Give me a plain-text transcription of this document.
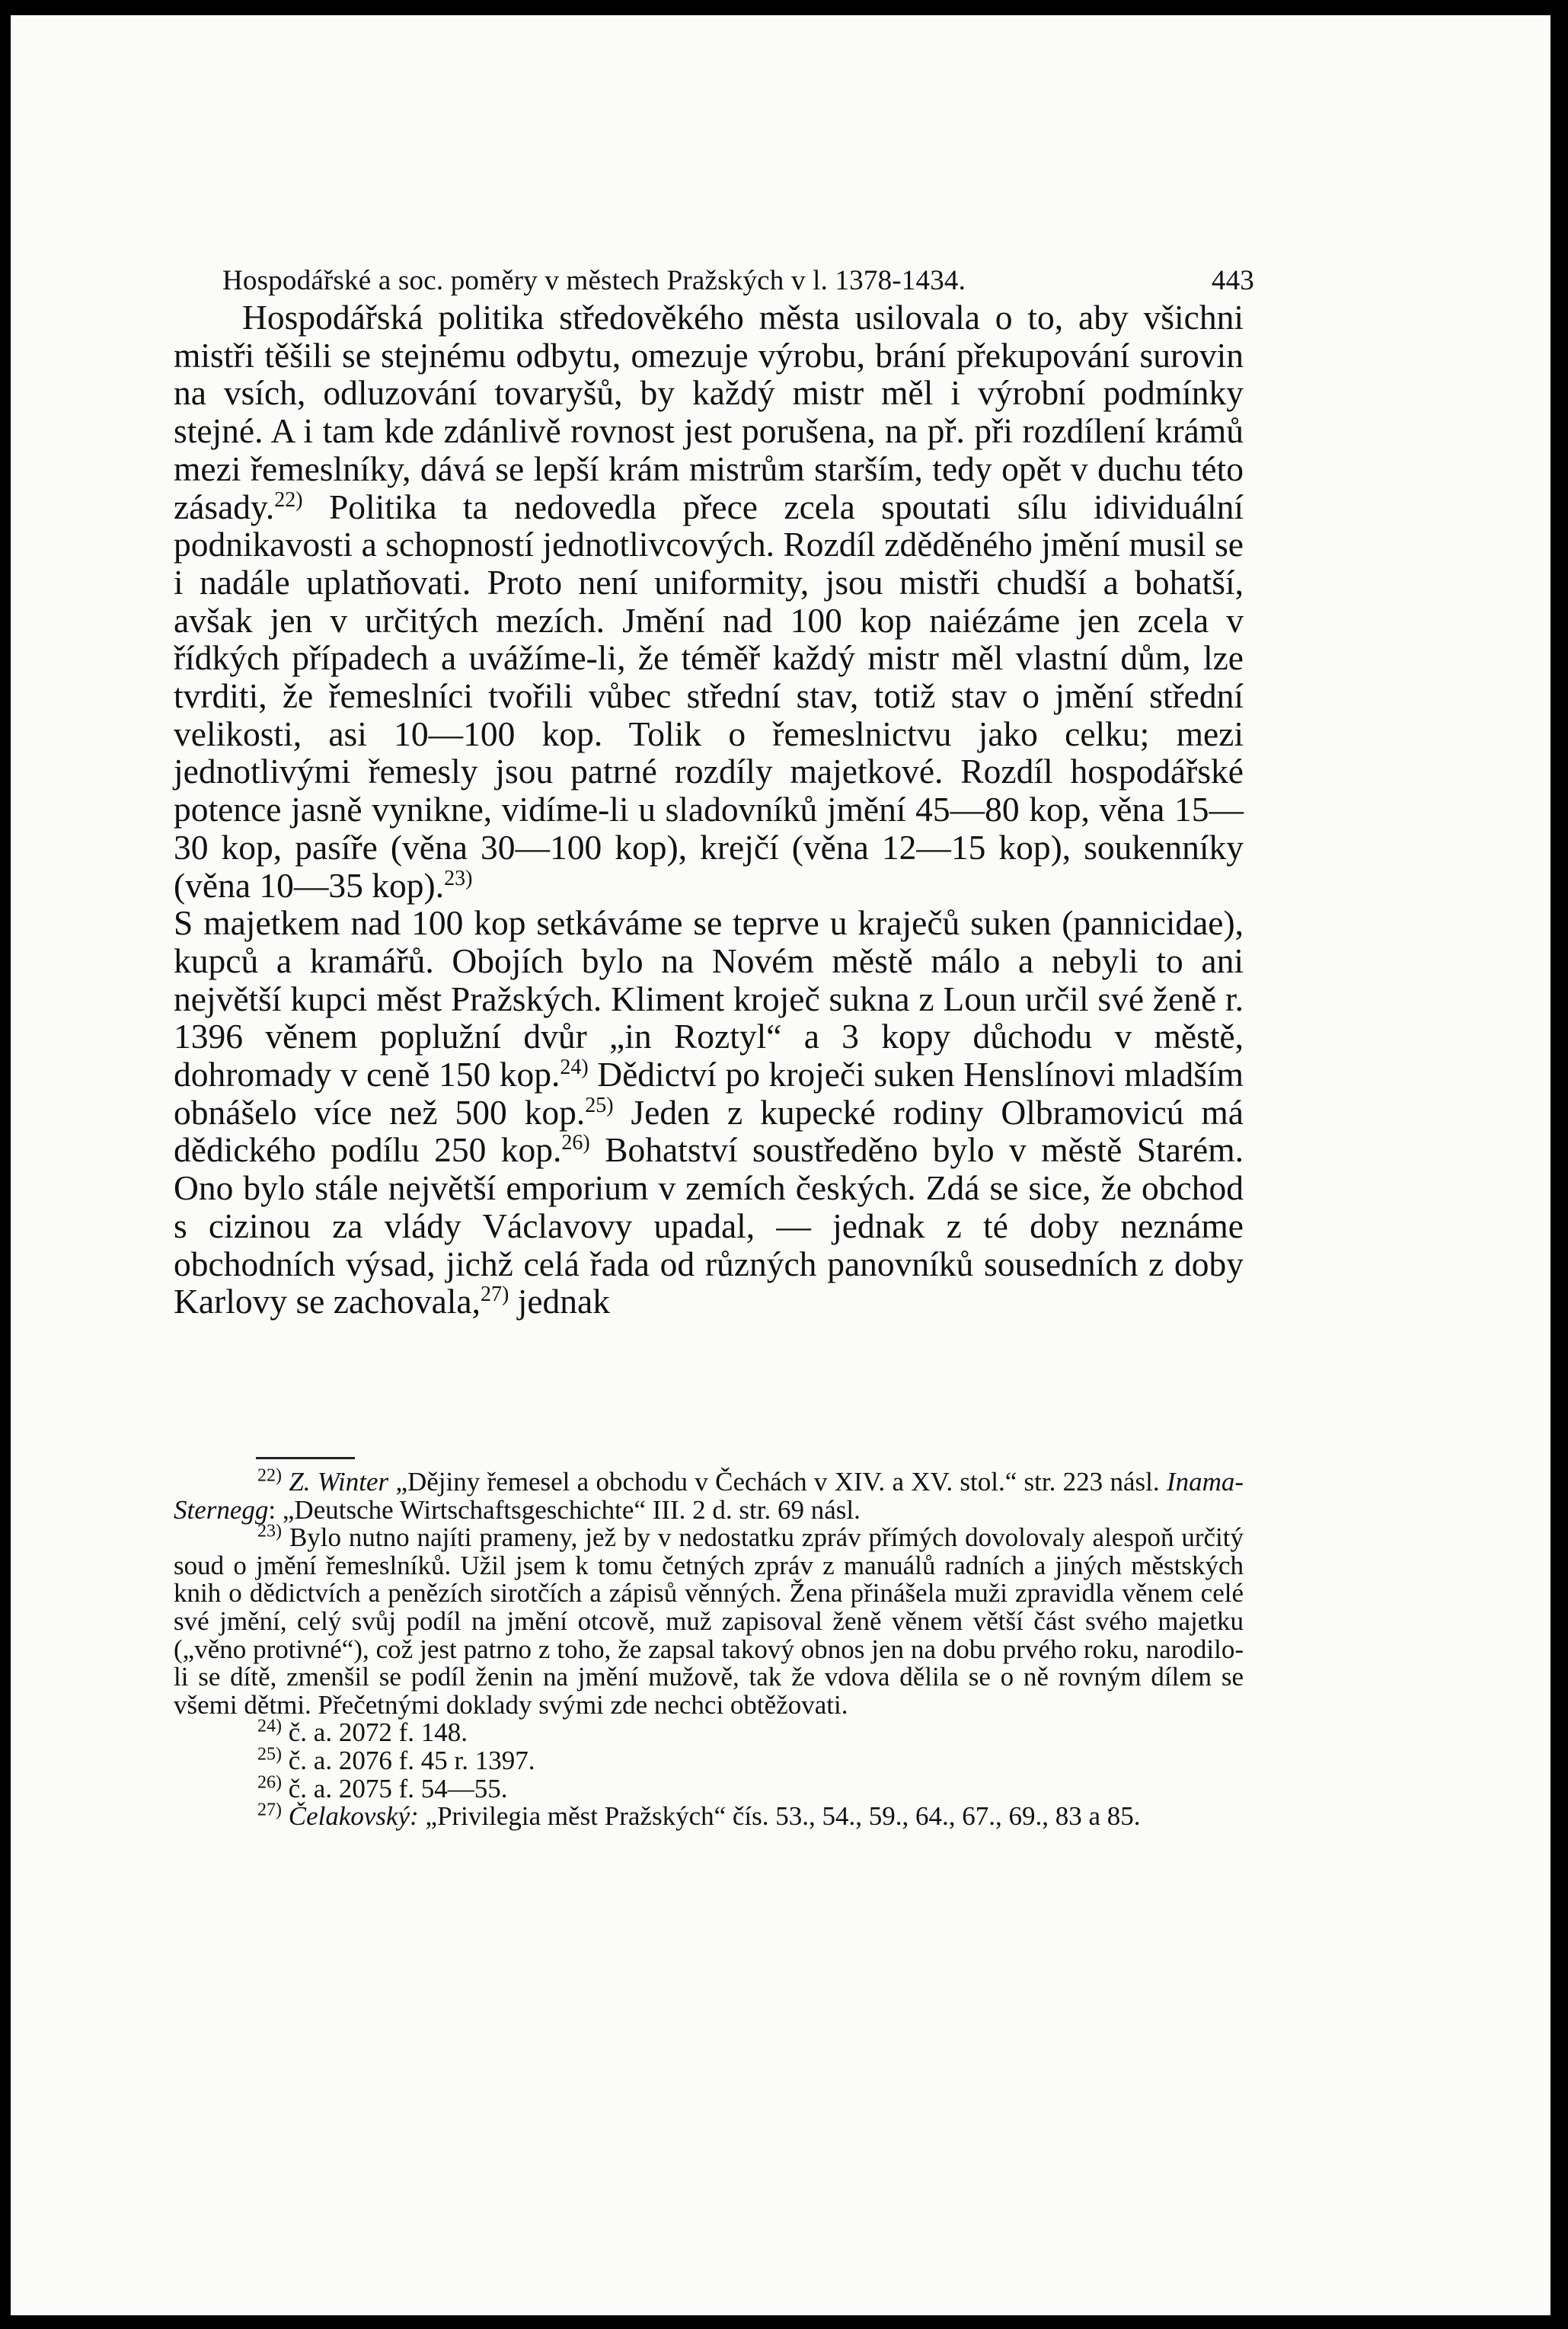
Hospodářské a soc. poměry v městech Pražských v l. 1378-1434.	443

Hospodářská politika středověkého města usilovala o to, aby všichni mistři těšili se stejnému odbytu, omezuje výrobu, brání překupování surovin na vsích, odluzování tovaryšů, by každý mistr měl i výrobní podmínky stejné. A i tam kde zdánlivě rovnost jest porušena, na př. při rozdílení krámů mezi řemeslníky, dává se lepší krám mistrům starším, tedy opět v duchu této zásady.$^{22)}$ Politika ta nedovedla přece zcela spoutati sílu idividuální podnikavosti a schopností jednotlivcových. Rozdíl zděděného jmění musil se i nadále uplatňovati. Proto není uniformity, jsou mistři chudší a bohatší, avšak jen v určitých mezích. Jmění nad 100 kop naiézáme jen zcela v řídkých případech a uvážíme-li, že téměř každý mistr měl vlastní dům, lze tvrditi, že řemeslníci tvořili vůbec střední stav, totiž stav o jmění střední velikosti, asi 10—100 kop. Tolik o řemeslnictvu jako celku; mezi jednotlivými řemesly jsou patrné rozdíly majetkové. Rozdíl hospodářské potence jasně vynikne, vidíme-li u sladovníků jmění 45—80 kop, věna 15—30 kop, pasíře (věna 30—100 kop), krejčí (věna 12—15 kop), soukenníky (věna 10—35 kop).$^{23)}$

S majetkem nad 100 kop setkáváme se teprve u kraječů suken (pannicidae), kupců a kramářů. Obojích bylo na Novém městě málo a nebyli to ani největší kupci měst Pražských. Kliment kroječ sukna z Loun určil své ženě r. 1396 věnem poplužní dvůr „in Roztyl“ a 3 kopy důchodu v městě, dohromady v ceně 150 kop.$^{24)}$ Dědictví po kroječi suken Henslínovi mladším obnášelo více než 500 kop.$^{25)}$ Jeden z kupecké rodiny Olbramovicú má dědického podílu 250 kop.$^{26)}$ Bohatství soustředěno bylo v městě Starém. Ono bylo stále největší emporium v zemích českých. Zdá se sice, že obchod s cizinou za vlády Václavovy upadal, — jednak z té doby neznáme obchodních výsad, jichž celá řada od různých panovníků sousedních z doby Karlovy se zachovala,$^{27)}$ jednak

$^{22)}$ Z. Winter „Dějiny řemesel a obchodu v Čechách v XIV. a XV. stol.“ str. 223 násl. Inama-Sternegg: „Deutsche Wirtschaftsgeschichte“ III. 2 d. str. 69 násl.

$^{23)}$ Bylo nutno najíti prameny, jež by v nedostatku zpráv přímých dovolovaly alespoň určitý soud o jmění řemeslníků. Užil jsem k tomu četných zpráv z manuálů radních a jiných městských knih o dědictvích a penězích sirotčích a zápisů věnných. Žena přinášela muži zpravidla věnem celé své jmění, celý svůj podíl na jmění otcově, muž zapisoval ženě věnem větší část svého majetku („věno protivné“), což jest patrno z toho, že zapsal takový obnos jen na dobu prvého roku, narodilo-li se dítě, zmenšil se podíl ženin na jmění mužově, tak že vdova dělila se o ně rovným dílem se všemi dětmi. Přečetnými doklady svými zde nechci obtěžovati.

$^{24)}$ č. a. 2072 f. 148.

$^{25)}$ č. a. 2076 f. 45 r. 1397.

$^{26)}$ č. a. 2075 f. 54—55.

$^{27)}$ Čelakovský: „Privilegia měst Pražských“ čís. 53., 54., 59., 64., 67., 69., 83 a 85.
